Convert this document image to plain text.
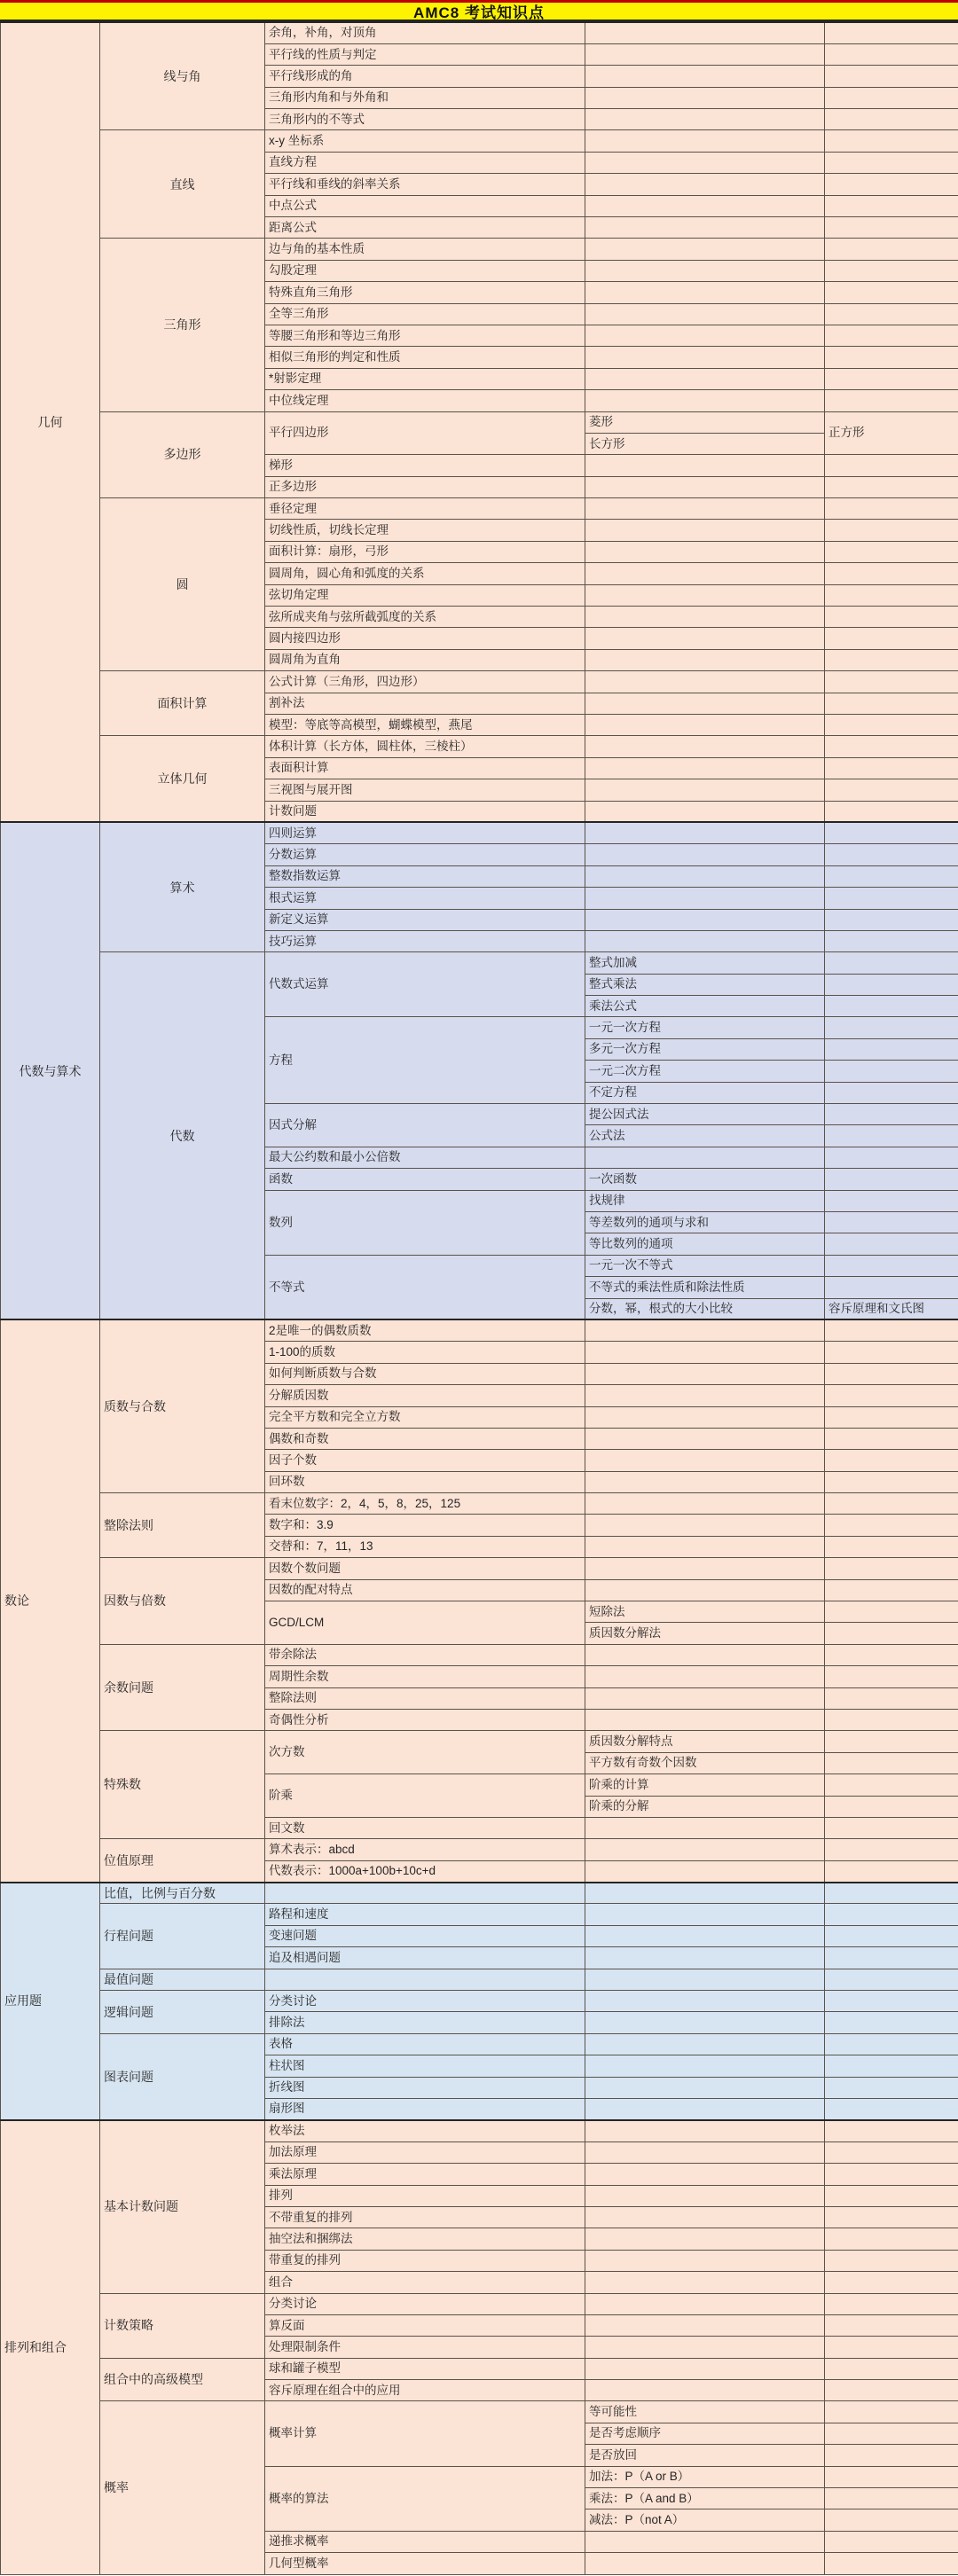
AMC8 考试知识点
几何	线与角	余角，补角，对顶角		
		平行线的性质与判定		
		平行线形成的角		
		三角形内角和与外角和		
		三角形内的不等式		
	直线	x-y 坐标系		
		直线方程		
		平行线和垂线的斜率关系		
		中点公式		
		距离公式		
	三角形	边与角的基本性质		
		勾股定理		
		特殊直角三角形		
		全等三角形		
		等腰三角形和等边三角形		
		相似三角形的判定和性质		
		*射影定理		
		中位线定理		
	多边形	平行四边形	菱形	正方形
			长方形	
		梯形		
		正多边形		
	圆	垂径定理		
		切线性质，切线长定理		
		面积计算：扇形，弓形		
		圆周角，圆心角和弧度的关系		
		弦切角定理		
		弦所成夹角与弦所截弧度的关系		
		圆内接四边形		
		圆周角为直角		
	面积计算	公式计算（三角形，四边形）		
		割补法		
		模型：等底等高模型，蝴蝶模型，燕尾		
	立体几何	体积计算（长方体，圆柱体，三棱柱）		
		表面积计算		
		三视图与展开图		
		计数问题		
代数与算术	算术	四则运算		
		分数运算		
		整数指数运算		
		根式运算		
		新定义运算		
		技巧运算		
	代数	代数式运算	整式加减	
			整式乘法	
			乘法公式	
		方程	一元一次方程	
			多元一次方程	
			一元二次方程	
			不定方程	
		因式分解	提公因式法	
			公式法	
		最大公约数和最小公倍数		
		函数	一次函数	
		数列	找规律	
			等差数列的通项与求和	
			等比数列的通项	
		不等式	一元一次不等式	
			不等式的乘法性质和除法性质	
			分数，幂，根式的大小比较	容斥原理和文氏图
数论	质数与合数	2是唯一的偶数质数		
		1-100的质数		
		如何判断质数与合数		
		分解质因数		
		完全平方数和完全立方数		
		偶数和奇数		
		因子个数		
		回环数		
	整除法则	看末位数字：2，4，5，8，25，125		
		数字和：3.9		
		交替和：7，11，13		
	因数与倍数	因数个数问题		
		因数的配对特点		
		GCD/LCM	短除法	
			质因数分解法	
	余数问题	带余除法		
		周期性余数		
		整除法则		
		奇偶性分析		
	特殊数	次方数	质因数分解特点	
			平方数有奇数个因数	
		阶乘	阶乘的计算	
			阶乘的分解	
		回文数		
	位值原理	算术表示：abcd		
		代数表示：1000a+100b+10c+d		
应用题	比值，比例与百分数			
	行程问题	路程和速度		
		变速问题		
		追及相遇问题		
	最值问题			
	逻辑问题	分类讨论		
		排除法		
	图表问题	表格		
		柱状图		
		折线图		
		扇形图		
排列和组合	基本计数问题	枚举法		
		加法原理		
		乘法原理		
		排列		
		不带重复的排列		
		抽空法和捆绑法		
		带重复的排列		
		组合		
	计数策略	分类讨论		
		算反面		
		处理限制条件		
	组合中的高级模型	球和罐子模型		
		容斥原理在组合中的应用		
	概率	概率计算	等可能性	
			是否考虑顺序	
			是否放回	
		概率的算法	加法：P（A or B）	
			乘法：P（A and B）	
			减法：P（not A）	
		递推求概率		
		几何型概率		
